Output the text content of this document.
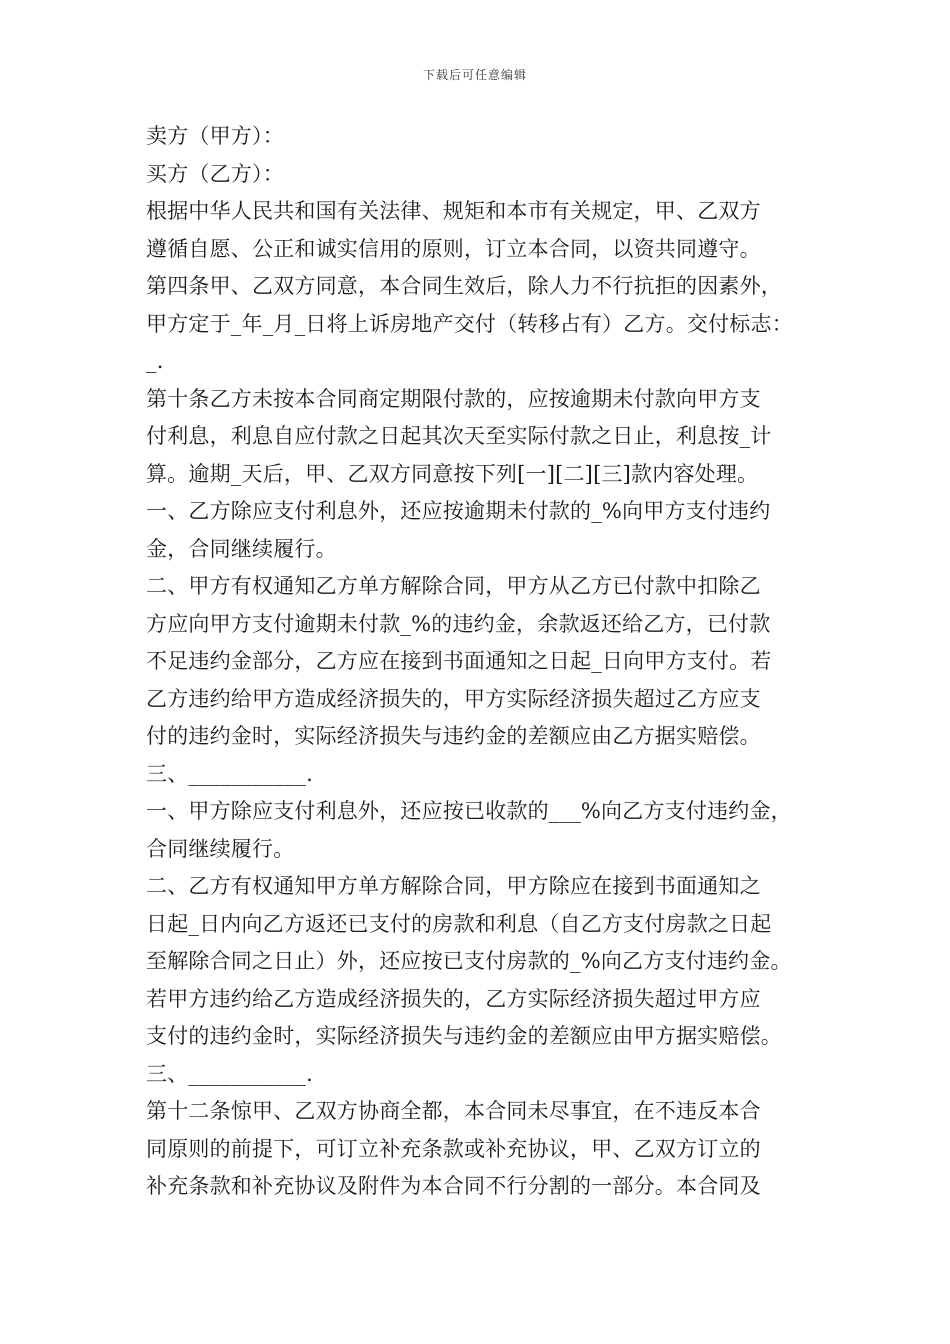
下载后可任意编辑
卖方（甲方）：
买方（乙方）：
根据中华人民共和国有关法律、规矩和本市有关规定，甲、乙双方
遵循自愿、公正和诚实信用的原则，订立本合同，以资共同遵守。
第四条甲、乙双方同意，本合同生效后，除人力不行抗拒的因素外，
甲方定于_年_月_日将上诉房地产交付（转移占有）乙方。交付标志：
_.
第十条乙方未按本合同商定期限付款的，应按逾期未付款向甲方支
付利息，利息自应付款之日起其次天至实际付款之日止，利息按_计
算。逾期_天后，甲、乙双方同意按下列[一][二][三]款内容处理。
一、乙方除应支付利息外，还应按逾期未付款的_%向甲方支付违约
金，合同继续履行。
二、甲方有权通知乙方单方解除合同，甲方从乙方已付款中扣除乙
方应向甲方支付逾期未付款_%的违约金，余款返还给乙方，已付款
不足违约金部分，乙方应在接到书面通知之日起_日向甲方支付。若
乙方违约给甲方造成经济损失的，甲方实际经济损失超过乙方应支
付的违约金时，实际经济损失与违约金的差额应由乙方据实赔偿。
三、___________.
一、甲方除应支付利息外，还应按已收款的___%向乙方支付违约金，
合同继续履行。
二、乙方有权通知甲方单方解除合同，甲方除应在接到书面通知之
日起_日内向乙方返还已支付的房款和利息（自乙方支付房款之日起
至解除合同之日止）外，还应按已支付房款的_%向乙方支付违约金。
若甲方违约给乙方造成经济损失的，乙方实际经济损失超过甲方应
支付的违约金时，实际经济损失与违约金的差额应由甲方据实赔偿。
三、___________.
第十二条惊甲、乙双方协商全都，本合同未尽事宜，在不违反本合
同原则的前提下，可订立补充条款或补充协议，甲、乙双方订立的
补充条款和补充协议及附件为本合同不行分割的一部分。本合同及
